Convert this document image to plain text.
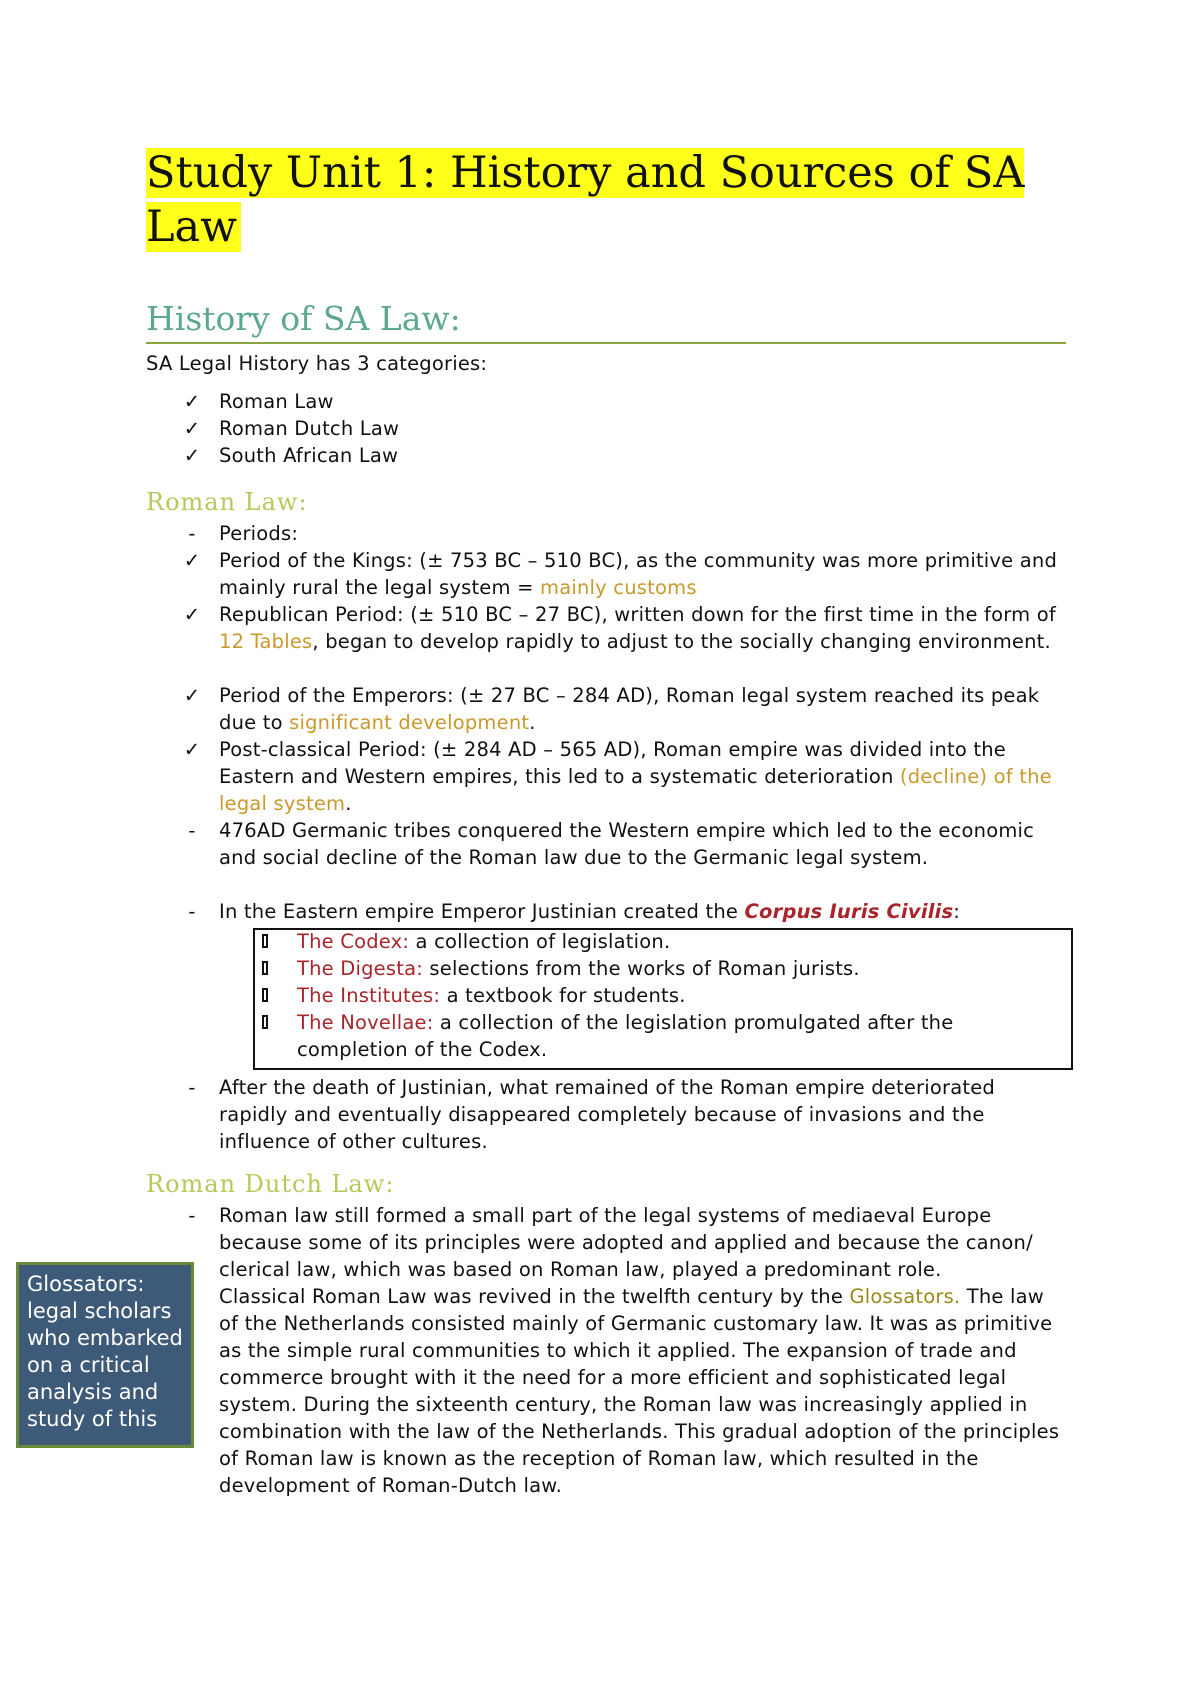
Study Unit 1: History and Sources of SA Law
History of SA Law:
SA Legal History has 3 categories:
✓ Roman Law
✓ Roman Dutch Law
✓ South African Law
Roman Law:
-	Periods:
✓ Period of the Kings: (± 753 BC – 510 BC), as the community was more primitive and mainly rural the legal system = mainly customs
✓ Republican Period: (± 510 BC – 27 BC), written down for the first time in the form of 12 Tables, began to develop rapidly to adjust to the socially changing environment.
✓ Period of the Emperors: (± 27 BC – 284 AD), Roman legal system reached its peak due to significant development.
✓ Post-classical Period: (± 284 AD – 565 AD), Roman empire was divided into the Eastern and Western empires, this led to a systematic deterioration (decline) of the legal system.
-	476AD Germanic tribes conquered the Western empire which led to the economic and social decline of the Roman law due to the Germanic legal system.
-	In the Eastern empire Emperor Justinian created the Corpus Iuris Civilis:
The Codex: a collection of legislation.
The Digesta: selections from the works of Roman jurists.
The Institutes: a textbook for students.
The Novellae: a collection of the legislation promulgated after the completion of the Codex.
-	After the death of Justinian, what remained of the Roman empire deteriorated rapidly and eventually disappeared completely because of invasions and the influence of other cultures.
Roman Dutch Law:
-	Roman law still formed a small part of the legal systems of mediaeval Europe because some of its principles were adopted and applied and because the canon/ clerical law, which was based on Roman law, played a predominant role.
Classical Roman Law was revived in the twelfth century by the Glossators. The law of the Netherlands consisted mainly of Germanic customary law. It was as primitive as the simple rural communities to which it applied. The expansion of trade and commerce brought with it the need for a more efficient and sophisticated legal system. During the sixteenth century, the Roman law was increasingly applied in combination with the law of the Netherlands. This gradual adoption of the principles of Roman law is known as the reception of Roman law, which resulted in the development of Roman-Dutch law.
Glossators: legal scholars who embarked on a critical analysis and study of this
